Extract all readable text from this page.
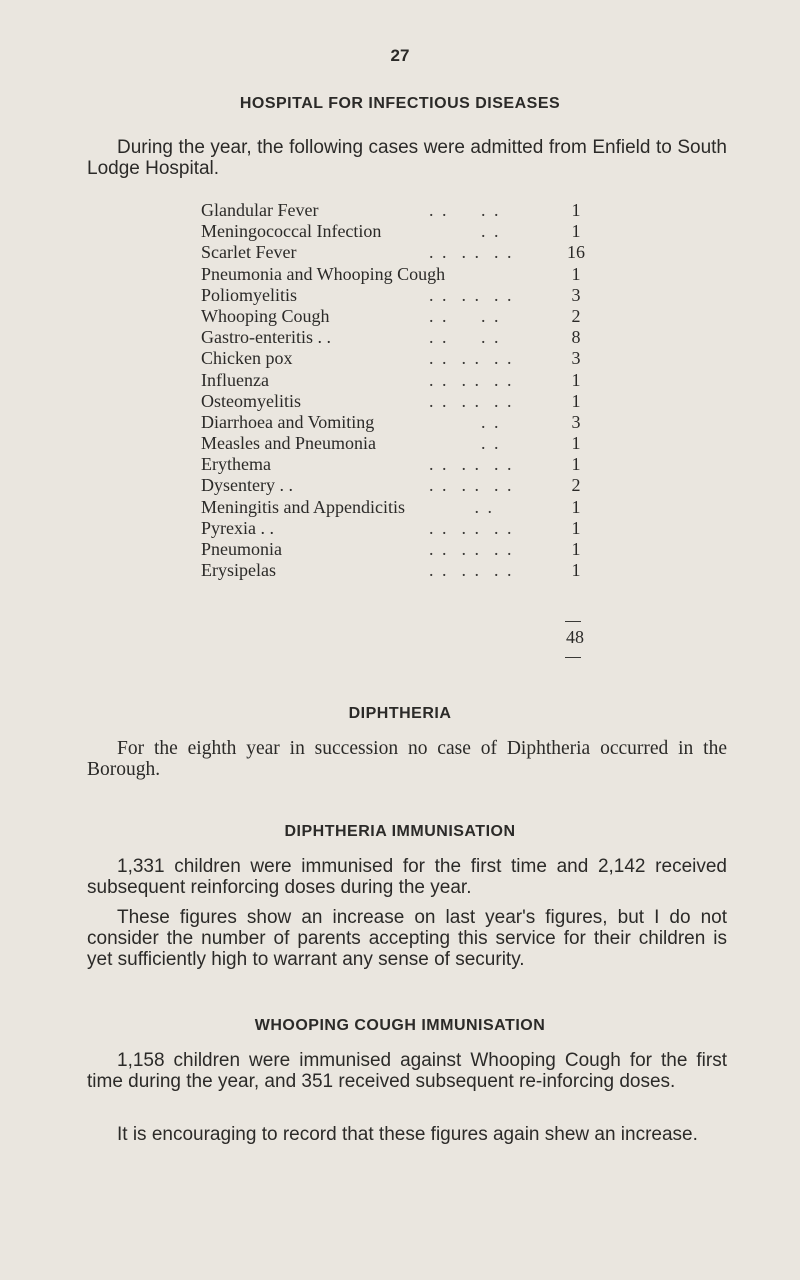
27
HOSPITAL FOR INFECTIOUS DISEASES

During the year, the following cases were admitted from Enfield to South Lodge Hospital.

Glandular Fever	. .     . .	1
Meningococcal Infection	. .	1
Scarlet Fever	. .  . .  . .	16
Pneumonia and Whooping Cough	1
Poliomyelitis	. .  . .  . .	3
Whooping Cough	. .     . .	2
Gastro-enteritis . .	. .     . .	8
Chicken pox	. .  . .  . .	3
Influenza	. .  . .  . .	1
Osteomyelitis	. .  . .  . .	1
Diarrhoea and Vomiting	. .	3
Measles and Pneumonia	. .	1
Erythema	. .  . .  . .	1
Dysentery . .	. .  . .  . .	2
Meningitis and Appendicitis . .	1
Pyrexia . .	. .  . .  . .	1
Pneumonia	. .  . .  . .	1
Erysipelas	. .  . .  . .	1
48
DIPHTHERIA

For the eighth year in succession no case of Diphtheria occurred in the Borough.

DIPHTHERIA IMMUNISATION

1,331 children were immunised for the first time and 2,142 received subsequent reinforcing doses during the year.

These figures show an increase on last year's figures, but I do not consider the number of parents accepting this service for their children is yet sufficiently high to warrant any sense of security.

WHOOPING COUGH IMMUNISATION

1,158 children were immunised against Whooping Cough for the first time during the year, and 351 received subsequent re-inforcing doses.

It is encouraging to record that these figures again shew an increase.
